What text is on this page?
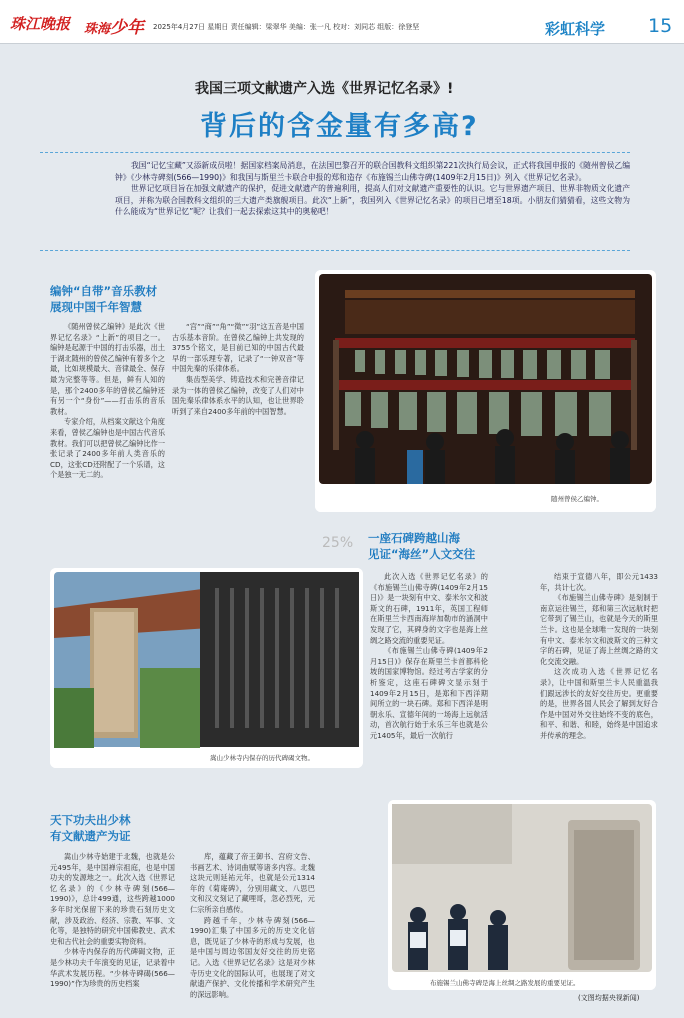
珠江晚报 珠海少年 2025年4月27日 星期日 责任编辑：梁翠华 美编：张一凡 校对：刘同芯 组版：徐登坚	彩虹科学 15
我国三项文献遗产入选《世界记忆名录》!
背后的含金量有多高?

我国“记忆宝藏”又添新成员啦！据国家档案局消息，在法国巴黎召开的联合国教科文组织第221次执行局会议，正式将我国申报的《随州曾侯乙编钟》《少林寺碑刻(566—1990)》和我国与斯里兰卡联合申报的郑和造存《布施锡兰山佛寺碑(1409年2月15日)》列入《世界记忆名录》。

世界记忆项目旨在加强文献遗产的保护，促进文献遗产的普遍利用，提高人们对文献遗产重要性的认识。它与世界遗产项目、世界非物质文化遗产项目，并称为联合国教科文组织的三大遗产类旗舰项目。此次“上新”，我国列入《世界记忆名录》的项目已增至18项。小朋友们猜猜看，这些文物为什么能成为“世界记忆”呢？让我们一起去探索这其中的奥秘吧！

编钟“自带”音乐教材
展现中国千年智慧

《随州曾侯乙编钟》是此次《世界记忆名录》“上新”的项目之一。编钟是起源于中国的打击乐器，出土于湖北随州的曾侯乙编钟有着多个之最，比如规模最大、音律最全、保存最为完整等等。但是，鲜有人知的是，那个2400多年的曾侯乙编钟还有另一个“身份”——打击乐的音乐教材。

专家介绍，从档案文献这个角度来看，曾侯乙编钟也是中国古代音乐教材。我们可以把曾侯乙编钟比作一张记录了2400多年前人类音乐的CD，这张CD还附配了一个乐谱，这个是独一无二的。

“宫”“商”“角”“徵”“羽”这五音是中国古乐基本音阶。在曾侯乙编钟上共发现的3755个铭文，是目前已知的中国古代最早的一部乐理专著，记录了“一钟双音”等中国先秦的乐律体系。

集齿型美学、铸造技术和完善音律记录为一体的曾侯乙编钟，改变了人们对中国先秦乐律体系水平的认知，也让世界聆听到了来自2400多年前的中国智慧。

随州曾侯乙编钟。
一座石碑跨越山海
见证“海丝”人文交往
25%
嵩山少林寺内保存的历代碑碣文物。

此次入选《世界记忆名录》的《布施锡兰山佛寺碑(1409年2月15日)》是一块刻有中文、泰米尔文和波斯文的石碑，1911年，英国工程师在斯里兰卡西南海岸加勒市的涵洞中发现了它，其碑身的文字也是海上丝绸之路交流的重要见证。

《布施锡兰山佛寺碑(1409年2月15日)》保存在斯里兰卡首都科伦坡的国家博物馆。经过考古学家的分析鉴定，这座石碑碑文显示刻于1409年2月15日，是郑和下西洋期间所立的一块石碑。郑和下西洋是明朝永乐、宣德年间的一场海上远航活动，首次航行始于永乐三年也就是公元1405年，最后一次航行

结束于宣德八年，即公元1433年，共计七次。

《布施锡兰山佛寺碑》是刻制于南京运往锡兰，郑和第三次远航时把它带到了锡兰山，也就是今天的斯里兰卡。这也是全球唯一发现的一块刻有中文、泰米尔文和波斯文的三种文字的石碑，见证了海上丝绸之路的文化交流交融。

这次成功入选《世界记忆名录》，让中国和斯里兰卡人民重温我们跟远涉长的友好交往历史。更重要的是，世界各国人民会了解到友好合作是中国对外交往始终不变的底色，和平、和谐、和睦，始终是中国追求并传承的理念。

天下功夫出少林
有文献遗产为证

嵩山少林寺始建于北魏，也就是公元495年，是中国禅宗祖庭，也是中国功夫的发源地之一。此次入选《世界记忆名录》的《少林寺碑刻(566—1990)》，总计499通，这些跨越1000多年时光保留下来的珍贵石刻历史文献，涉及政治、经济、宗教、军事、文化等，是独特的研究中国佛教史、武术史和古代社会的重要实物资料。

少林寺内保存的历代碑碣文物，正是少林功夫千年演变的见证，记录着中华武术发展历程。“少林寺碑碣(566—1990)”作为珍贵的历史档案

库，蕴藏了帝王御书、宫府文告、书画艺术、诗词曲赋等诸多内容。北魏这块元则延祐元年，也就是公元1314年的《菊庵碑》，分别用藏文、八思巴文和汉文刻记了藏哩哥，忽必烈死，元仁宗所亲自感传。

跨越千年，少林寺碑刻(566—1990)汇集了中国多元的历史文化信息，既见证了少林寺的形成与发展，也是中国与周边邻国友好交往的历史铭记。入选《世界记忆名录》这是对少林寺历史文化的国际认可，也展现了对文献遗产保护、文化传播和学术研究产生的深远影响。

布施锡兰山佛寺碑是海上丝绸之路发展的重要见证。
(文图均据央视新闻)
